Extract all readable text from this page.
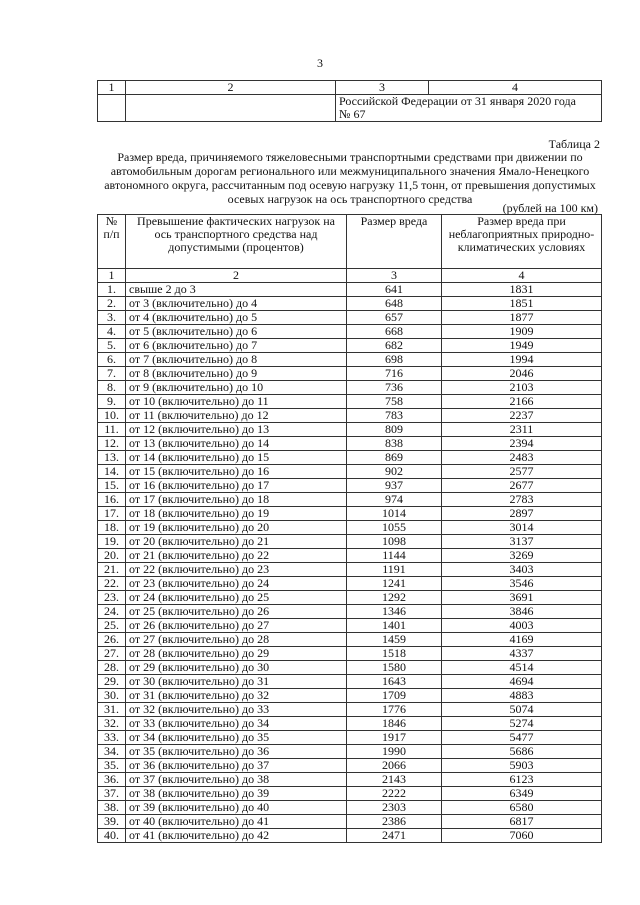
3
1	2	3	4

		Российской Федерации от 31 января 2020 года
№ 67	
Таблица 2
Размер вреда, причиняемого тяжеловесными транспортными средствами при движении по автомобильным дорогам регионального или межмуниципального значения Ямало-Ненецкого автономного округа, рассчитанным под осевую нагрузку 11,5 тонн, от превышения допустимых осевых нагрузок на ось транспортного средства
(рублей на 100 км)
№ п/п	Превышение фактических нагрузок на ось транспортного средства над допустимыми (процентов)	Размер вреда	Размер вреда при неблагоприятных природно-климатических условиях
1	2	3	4
1.	свыше 2 до 3	641	1831
2.	от 3 (включительно) до 4	648	1851
3.	от 4 (включительно) до 5	657	1877
4.	от 5 (включительно) до 6	668	1909
5.	от 6 (включительно) до 7	682	1949
6.	от 7 (включительно) до 8	698	1994
7.	от 8 (включительно) до 9	716	2046
8.	от 9 (включительно) до 10	736	2103
9.	от 10 (включительно) до 11	758	2166
10.	от 11 (включительно) до 12	783	2237
11.	от 12 (включительно) до 13	809	2311
12.	от 13 (включительно) до 14	838	2394
13.	от 14 (включительно) до 15	869	2483
14.	от 15 (включительно) до 16	902	2577
15.	от 16 (включительно) до 17	937	2677
16.	от 17 (включительно) до 18	974	2783
17.	от 18 (включительно) до 19	1014	2897
18.	от 19 (включительно) до 20	1055	3014
19.	от 20 (включительно) до 21	1098	3137
20.	от 21 (включительно) до 22	1144	3269
21.	от 22 (включительно) до 23	1191	3403
22.	от 23 (включительно) до 24	1241	3546
23.	от 24 (включительно) до 25	1292	3691
24.	от 25 (включительно) до 26	1346	3846
25.	от 26 (включительно) до 27	1401	4003
26.	от 27 (включительно) до 28	1459	4169
27.	от 28 (включительно) до 29	1518	4337
28.	от 29 (включительно) до 30	1580	4514
29.	от 30 (включительно) до 31	1643	4694
30.	от 31 (включительно) до 32	1709	4883
31.	от 32 (включительно) до 33	1776	5074
32.	от 33 (включительно) до 34	1846	5274
33.	от 34 (включительно) до 35	1917	5477
34.	от 35 (включительно) до 36	1990	5686
35.	от 36 (включительно) до 37	2066	5903
36.	от 37 (включительно) до 38	2143	6123
37.	от 38 (включительно) до 39	2222	6349
38.	от 39 (включительно) до 40	2303	6580
39.	от 40 (включительно) до 41	2386	6817
40.	от 41 (включительно) до 42	2471	7060
